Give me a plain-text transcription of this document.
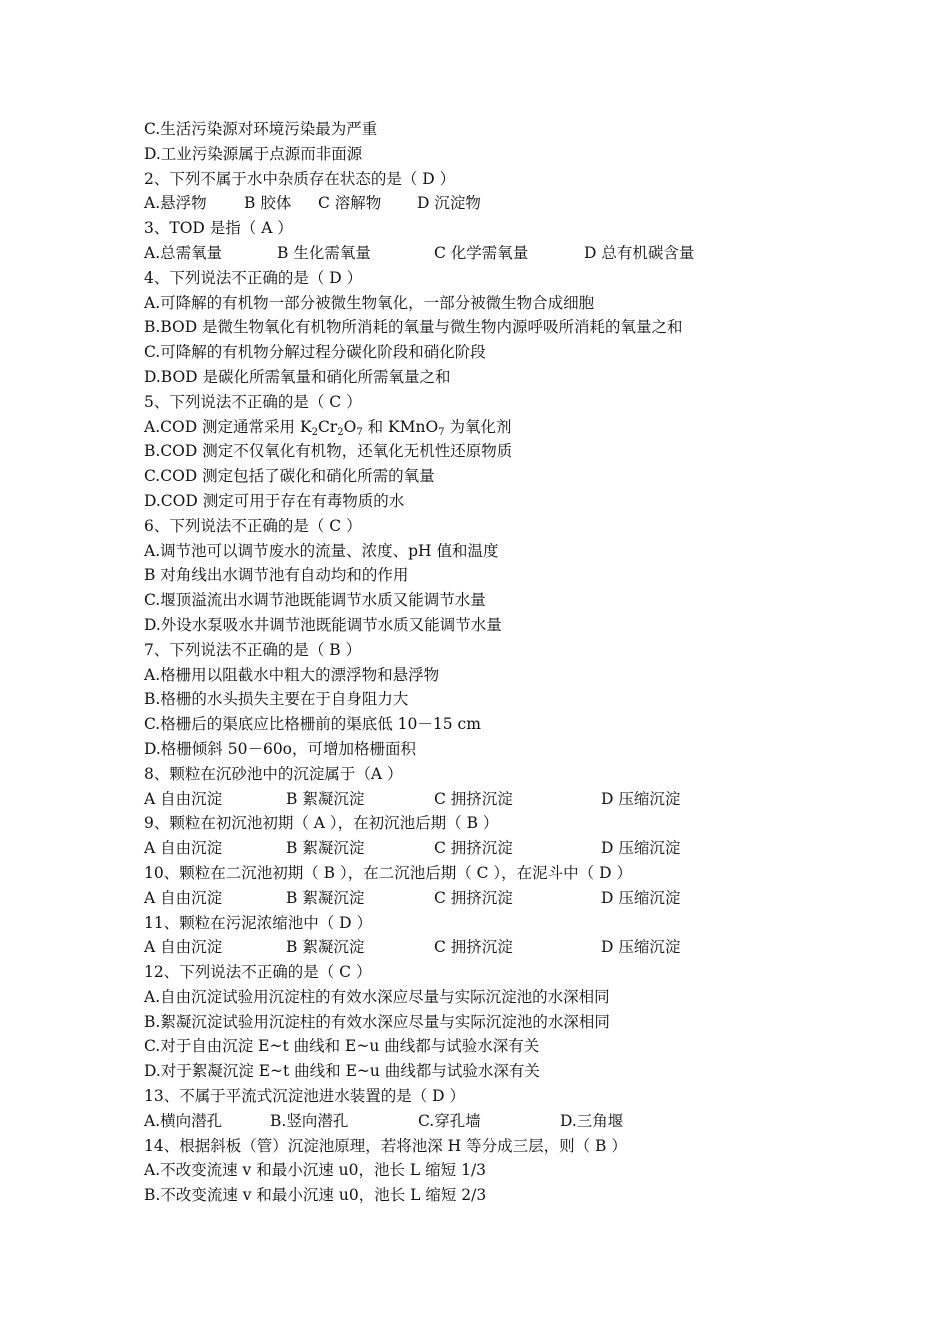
C.生活污染源对环境污染最为严重
D.工业污染源属于点源而非面源
2、下列不属于水中杂质存在状态的是（ D ）
A.悬浮物 B 胶体 C 溶解物 D 沉淀物
3、TOD 是指（ A ）
A.总需氧量	B 生化需氧量	C 化学需氧量	D 总有机碳含量
4、下列说法不正确的是（ D ）
A.可降解的有机物一部分被微生物氧化，一部分被微生物合成细胞
B.BOD 是微生物氧化有机物所消耗的氧量与微生物内源呼吸所消耗的氧量之和
C.可降解的有机物分解过程分碳化阶段和硝化阶段
D.BOD 是碳化所需氧量和硝化所需氧量之和
5、下列说法不正确的是（ C ）
A.COD 测定通常采用 $K_2Cr_2O_7$ 和 KMnO$_7$ 为氧化剂
B.COD 测定不仅氧化有机物，还氧化无机性还原物质
C.COD 测定包括了碳化和硝化所需的氧量
D.COD 测定可用于存在有毒物质的水
6、下列说法不正确的是（ C ）
A.调节池可以调节废水的流量、浓度、pH 值和温度
B 对角线出水调节池有自动均和的作用
C.堰顶溢流出水调节池既能调节水质又能调节水量
D.外设水泵吸水井调节池既能调节水质又能调节水量
7、下列说法不正确的是（ B ）
A.格栅用以阻截水中粗大的漂浮物和悬浮物
B.格栅的水头损失主要在于自身阻力大
C.格栅后的渠底应比格栅前的渠底低 10－15 cm
D.格栅倾斜 50－60o，可增加格栅面积
8、颗粒在沉砂池中的沉淀属于（A ）
A 自由沉淀	B 絮凝沉淀	C 拥挤沉淀	D 压缩沉淀
9、颗粒在初沉池初期（ A ），在初沉池后期（ B ）
A 自由沉淀	B 絮凝沉淀	C 拥挤沉淀	D 压缩沉淀
10、颗粒在二沉池初期（ B ），在二沉池后期（ C ），在泥斗中（ D ）
A 自由沉淀	B 絮凝沉淀	C 拥挤沉淀	D 压缩沉淀
11、颗粒在污泥浓缩池中（ D ）
A 自由沉淀	B 絮凝沉淀	C 拥挤沉淀	D 压缩沉淀
12、下列说法不正确的是（ C ）
A.自由沉淀试验用沉淀柱的有效水深应尽量与实际沉淀池的水深相同
B.絮凝沉淀试验用沉淀柱的有效水深应尽量与实际沉淀池的水深相同
C.对于自由沉淀 E~t 曲线和 E~u 曲线都与试验水深有关
D.对于絮凝沉淀 E~t 曲线和 E~u 曲线都与试验水深有关
13、不属于平流式沉淀池进水装置的是（ D ）
A.横向潜孔	B.竖向潜孔	C.穿孔墙	D.三角堰
14、根据斜板（管）沉淀池原理，若将池深 H 等分成三层，则（ B ）
A.不改变流速 v 和最小沉速 u0，池长 L 缩短 1/3
B.不改变流速 v 和最小沉速 u0，池长 L 缩短 2/3
